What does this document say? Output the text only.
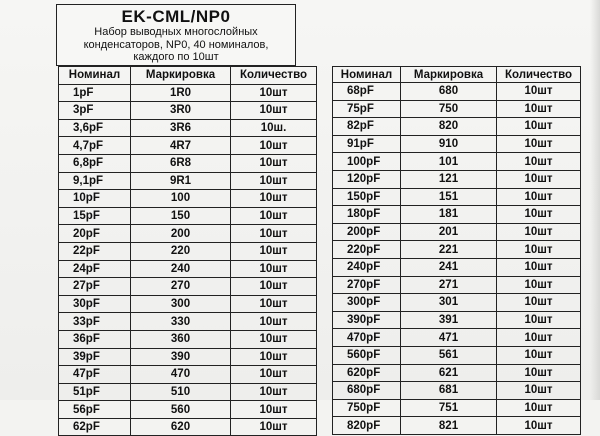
EK-CML/NP0
Набор выводных многослойных
конденсаторов, NP0, 40 номиналов,
каждого по 10шт
Номинал	Маркировка	Количество
1pF	1R0	10шт
3pF	3R0	10шт
3,6pF	3R6	10ш.
4,7pF	4R7	10шт
6,8pF	6R8	10шт
9,1pF	9R1	10шт
10pF	100	10шт
15pF	150	10шт
20pF	200	10шт
22pF	220	10шт
24pF	240	10шт
27pF	270	10шт
30pF	300	10шт
33pF	330	10шт
36pF	360	10шт
39pF	390	10шт
47pF	470	10шт
51pF	510	10шт
56pF	560	10шт
62pF	620	10шт
Номинал	Маркировка	Количество
68pF	680	10шт
75pF	750	10шт
82pF	820	10шт
91pF	910	10шт
100pF	101	10шт
120pF	121	10шт
150pF	151	10шт
180pF	181	10шт
200pF	201	10шт
220pF	221	10шт
240pF	241	10шт
270pF	271	10шт
300pF	301	10шт
390pF	391	10шт
470pF	471	10шт
560pF	561	10шт
620pF	621	10шт
680pF	681	10шт
750pF	751	10шт
820pF	821	10шт
